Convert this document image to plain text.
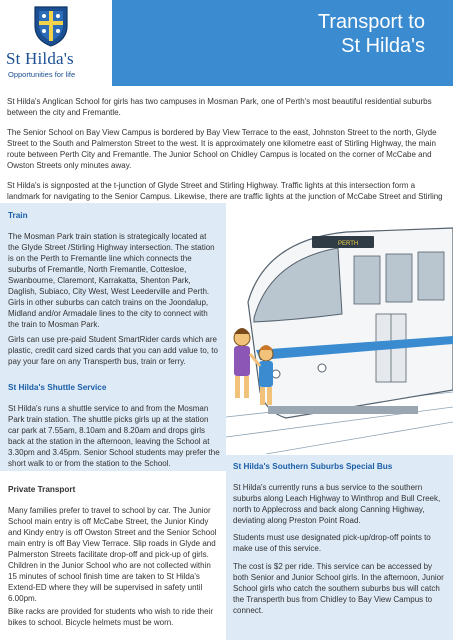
St Hilda's
Opportunities for life
Transport to
St Hilda's

St Hilda's Anglican School for girls has two campuses in Mosman Park, one of Perth's most beautiful residential suburbs between the city and Fremantle.

The Senior School on Bay View Campus is bordered by Bay View Terrace to the east, Johnston Street to the north, Glyde Street to the South and Palmerston Street to the west. It is approximately one kilometre east of Stirling Highway, the main route between Perth City and Fremantle. The Junior School on Chidley Campus is located on the corner of McCabe and Owston Streets only minutes away.

St Hilda's is signposted at the t-junction of Glyde Street and Stirling Highway. Traffic lights at this intersection form a landmark for navigating to the Senior Campus. Likewise, there are traffic lights at the junction of McCabe Street and Stirling

Train
The Mosman Park train station is strategically located at the Glyde Street /Stirling Highway intersection. The station is on the Perth to Fremantle line which connects the suburbs of Fremantle, North Fremantle, Cottesloe, Swanbourne, Claremont, Karrakatta, Shenton Park, Daglish, Subiaco, City West, West Leederville and Perth. Girls in other suburbs can catch trains on the Joondalup, Midland and/or Armadale lines to the city to connect with the train to Mosman Park.
Girls can use pre-paid Student SmartRider cards which are plastic, credit card sized cards that you can add value to, to pay your fare on any Transperth bus, train or ferry.
St Hilda's Shuttle Service
St Hilda's runs a shuttle service to and from the Mosman Park train station. The shuttle picks girls up at the station car park at 7.55am, 8.10am and 8.20am and drops girls back at the station in the afternoon, leaving the School at 3.30pm and 3.45pm. Senior School students may prefer the short walk to or from the station to the School.
Private Transport
Many families prefer to travel to school by car. The Junior School main entry is off McCabe Street, the Junior Kindy and Kindy entry is off Owston Street and the Senior School main entry is off Bay View Terrace. Slip roads in Glyde and Palmerston Streets facilitate drop-off and pick-up of girls. Children in the Junior School who are not collected within 15 minutes of school finish time are taken to St Hilda's Extend-ED where they will be supervised in safety until 6.00pm.
Bike racks are provided for students who wish to ride their bikes to school. Bicycle helmets must be worn.
PERTH
St Hilda's Southern Suburbs Special Bus
St Hilda's currently runs a bus service to the southern suburbs along Leach Highway to Winthrop and Bull Creek, north to Applecross and back along Canning Highway, deviating along Preston Point Road.
Students must use designated pick-up/drop-off points to make use of this service.
The cost is $2 per ride. This service can be accessed by both Senior and Junior School girls. In the afternoon, Junior School girls who catch the southern suburbs bus will catch the Transperth bus from Chidley to Bay View Campus to connect.
